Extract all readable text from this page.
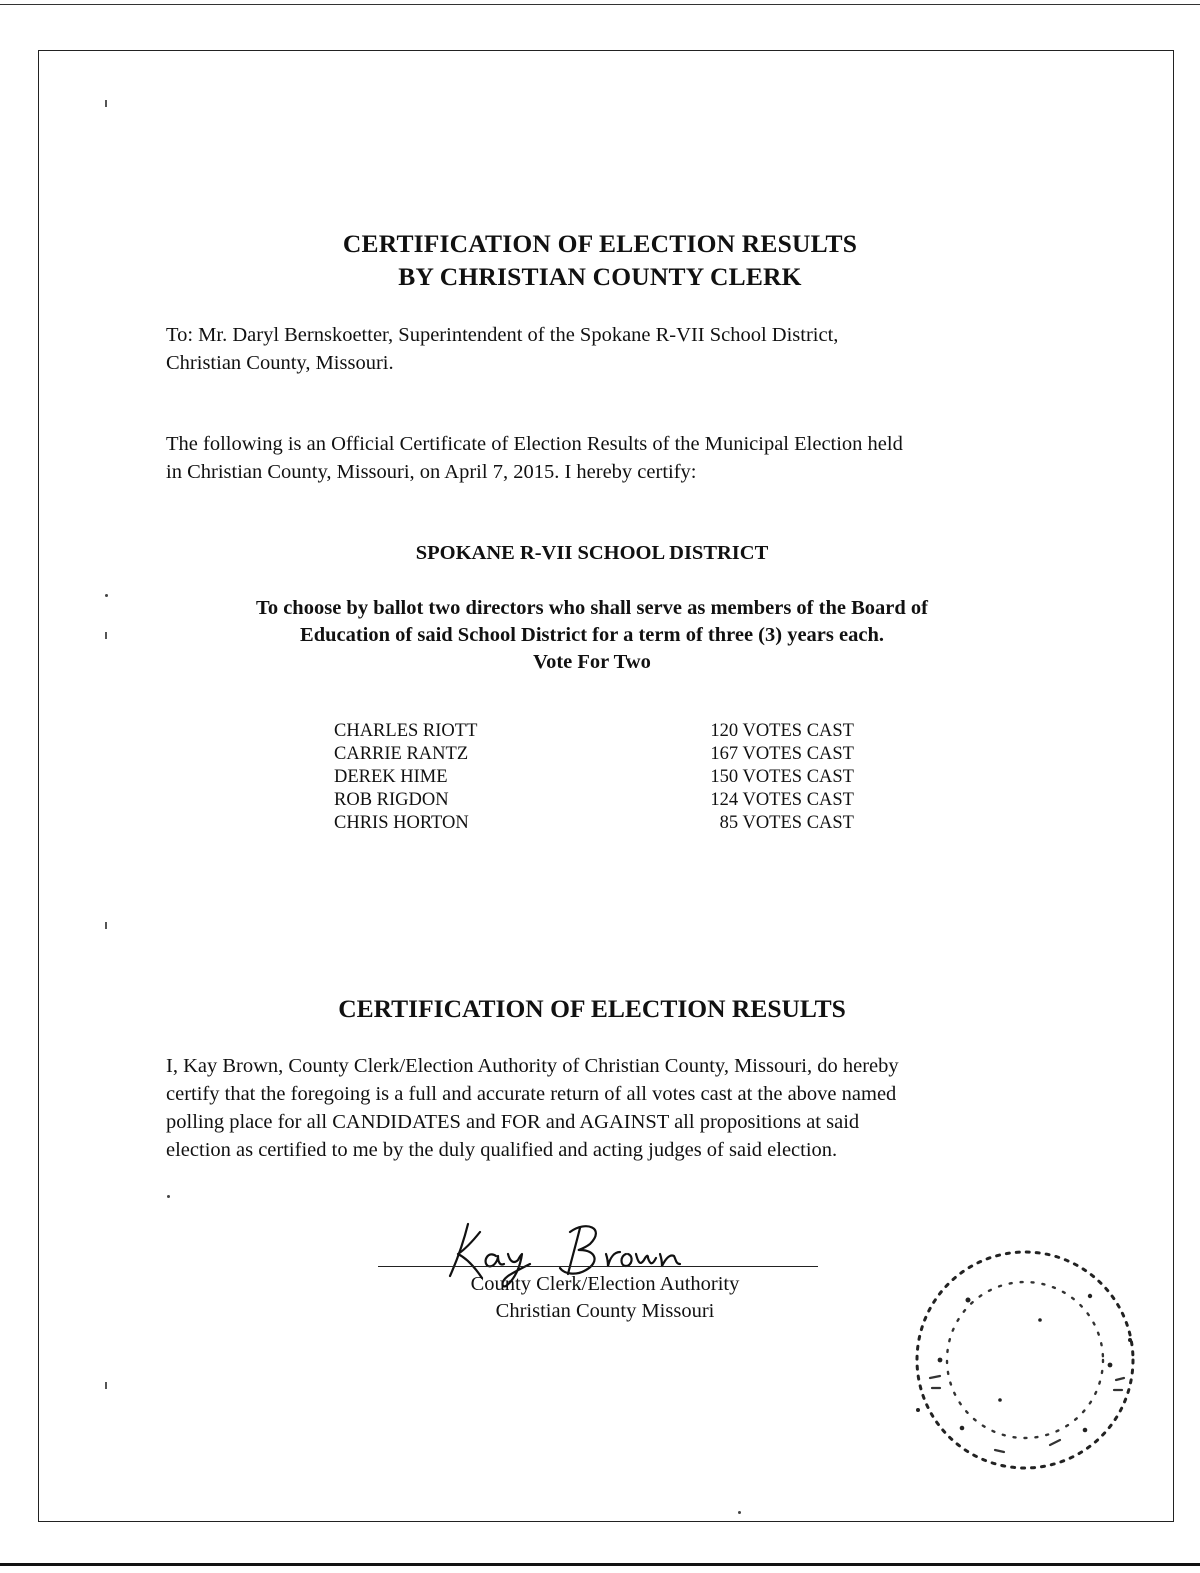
CERTIFICATION OF ELECTION RESULTS
BY CHRISTIAN COUNTY CLERK
To: Mr. Daryl Bernskoetter, Superintendent of the Spokane R-VII School District,
Christian County, Missouri.
The following is an Official Certificate of Election Results of the Municipal Election held
in Christian County, Missouri, on April 7, 2015. I hereby certify:
SPOKANE R-VII SCHOOL DISTRICT
To choose by ballot two directors who shall serve as members of the Board of
Education of said School District for a term of three (3) years each.
Vote For Two
CHARLES RIOTT	120 VOTES CAST
CARRIE RANTZ	167 VOTES CAST
DEREK HIME	150 VOTES CAST
ROB RIGDON	124 VOTES CAST
CHRIS HORTON	85 VOTES CAST
CERTIFICATION OF ELECTION RESULTS
I, Kay Brown, County Clerk/Election Authority of Christian County, Missouri, do hereby
certify that the foregoing is a full and accurate return of all votes cast at the above named
polling place for all CANDIDATES and FOR and AGAINST all propositions at said
election as certified to me by the duly qualified and acting judges of said election.
County Clerk/Election Authority
Christian County Missouri
